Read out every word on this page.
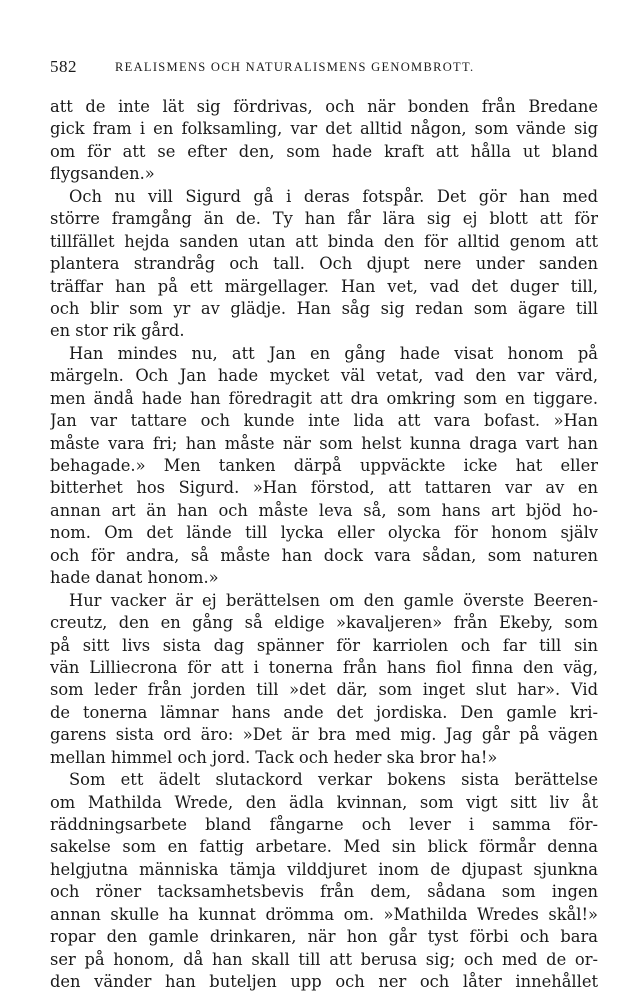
582	REALISMENS OCH NATURALISMENS GENOMBROTT.
att de inte lät sig fördrivas, och när bonden från Bredane
gick fram i en folksamling, var det alltid någon, som vände sig
om för att se efter den, som hade kraft att hålla ut bland
flygsanden.»
Och nu vill Sigurd gå i deras fotspår. Det gör han med
större framgång än de. Ty han får lära sig ej blott att för
tillfället hejda sanden utan att binda den för alltid genom att
plantera strandråg och tall. Och djupt nere under sanden
träffar han på ett märgellager. Han vet, vad det duger till,
och blir som yr av glädje. Han såg sig redan som ägare till
en stor rik gård.
Han mindes nu, att Jan en gång hade visat honom på
märgeln. Och Jan hade mycket väl vetat, vad den var värd,
men ändå hade han föredragit att dra omkring som en tiggare.
Jan var tattare och kunde inte lida att vara bofast. »Han
måste vara fri; han måste när som helst kunna draga vart han
behagade.» Men tanken därpå uppväckte icke hat eller
bitterhet hos Sigurd. »Han förstod, att tattaren var av en
annan art än han och måste leva så, som hans art bjöd ho-
nom. Om det lände till lycka eller olycka för honom själv
och för andra, så måste han dock vara sådan, som naturen
hade danat honom.»
Hur vacker är ej berättelsen om den gamle överste Beeren-
creutz, den en gång så eldige »kavaljeren» från Ekeby, som
på sitt livs sista dag spänner för karriolen och far till sin
vän Lilliecrona för att i tonerna från hans fiol finna den väg,
som leder från jorden till »det där, som inget slut har». Vid
de tonerna lämnar hans ande det jordiska. Den gamle kri-
garens sista ord äro: »Det är bra med mig. Jag går på vägen
mellan himmel och jord. Tack och heder ska bror ha!»
Som ett ädelt slutackord verkar bokens sista berättelse
om Mathilda Wrede, den ädla kvinnan, som vigt sitt liv åt
räddningsarbete bland fångarne och lever i samma för-
sakelse som en fattig arbetare. Med sin blick förmår denna
helgjutna människa tämja vilddjuret inom de djupast sjunkna
och röner tacksamhetsbevis från dem, sådana som ingen
annan skulle ha kunnat drömma om. »Mathilda Wredes skål!»
ropar den gamle drinkaren, när hon går tyst förbi och bara
ser på honom, då han skall till att berusa sig; och med de or-
den vänder han buteljen upp och ner och låter innehållet
